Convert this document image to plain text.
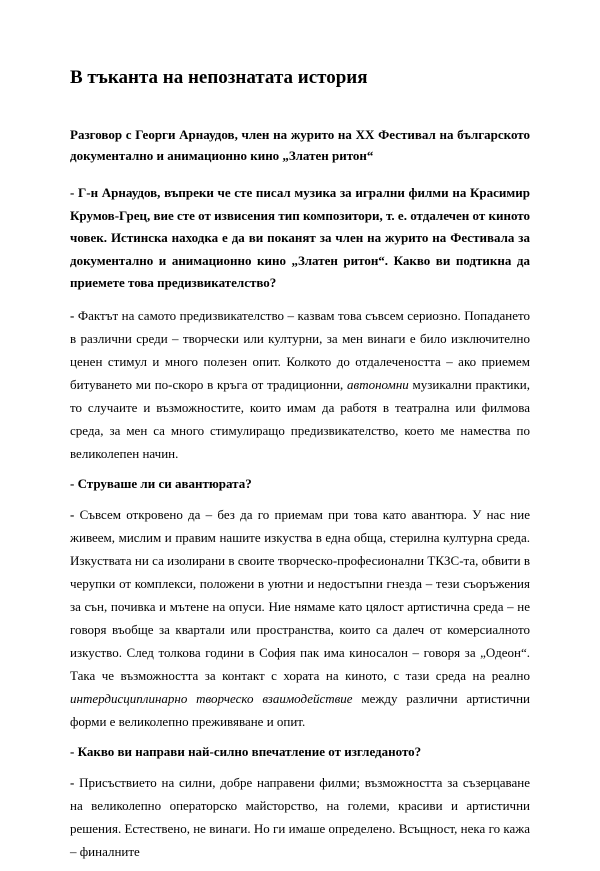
В тъканта на непознатата история

Разговор с Георги Арнаудов, член на журито на XX Фестивал на българското документално и анимационно кино „Златен ритон“

- Г-н Арнаудов, въпреки че сте писал музика за игрални филми на Красимир Крумов-Грец, вие сте от извисения тип композитори, т. е. отдалечен от киното човек. Истинска находка е да ви поканят за член на журито на Фестивала за документално и анимационно кино „Златен ритон“. Какво ви подтикна да приемете това предизвикателство?

- Фактът на самото предизвикателство – казвам това съвсем сериозно. Попадането в различни среди – творчески или културни, за мен винаги е било изключително ценен стимул и много полезен опит. Колкото до отдалечеността – ако приемем битуването ми по-скоро в кръга от традиционни, автономни музикални практики, то случаите и възможностите, които имам да работя в театрална или филмова среда, за мен са много стимулиращо предизвикателство, което ме намества по великолепен начин.

- Струваше ли си авантюрата?

- Съвсем откровено да – без да го приемам при това като авантюра. У нас ние живеем, мислим и правим нашите изкуства в една обща, стерилна културна среда. Изкуствата ни са изолирани в своите творческо-професионални ТКЗС-та, обвити в черупки от комплекси, положени в уютни и недостъпни гнезда – тези съоръжения за сън, почивка и мътене на опуси. Ние нямаме като цялост артистична среда – не говоря въобще за квартали или пространства, които са далеч от комерсиалното изкуство. След толкова години в София пак има киносалон – говоря за „Одеон“. Така че възможността за контакт с хората на киното, с тази среда на реално интердисциплинарно творческо взаимодействие между различни артистични форми е великолепно преживяване и опит.

- Какво ви направи най-силно впечатление от изгледаното?

- Присъствието на силни, добре направени филми; възможността за съзерцаване на великолепно операторско майсторство, на големи, красиви и артистични решения. Естествено, не винаги. Но ги имаше определено. Всъщност, нека го кажа – финалните
